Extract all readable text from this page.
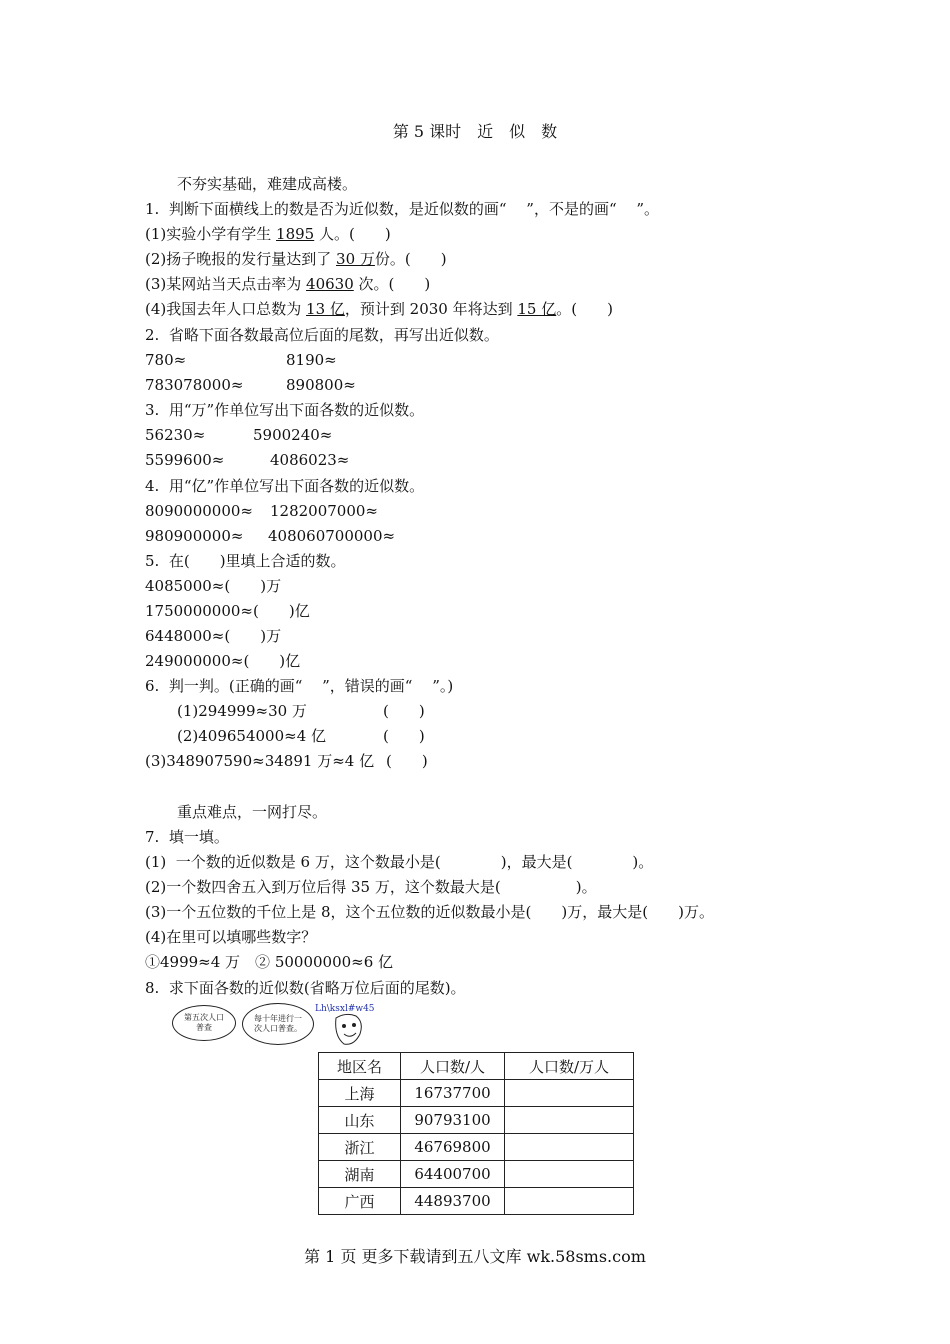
第 5 课时　近　似　数
不夯实基础，难建成高楼。
1.  判断下面横线上的数是否为近似数，是近似数的画“　 ”，不是的画“　 ”。
(1)实验小学有学生 1895 人。(　　)
(2)扬子晚报的发行量达到了 30 万份。(　　)
(3)某网站当天点击率为 40630 次。(　　)
(4)我国去年人口总数为 13 亿，预计到 2030 年将达到 15 亿。(　　)
2.  省略下面各数最高位后面的尾数，再写出近似数。
780≈	8190≈
783078000≈	890800≈
3.  用“万”作单位写出下面各数的近似数。
56230≈	5900240≈
5599600≈	4086023≈
4.  用“亿”作单位写出下面各数的近似数。
8090000000≈ 1282007000≈
980900000≈ 408060700000≈
5.  在(　　)里填上合适的数。
4085000≈(　　)万
1750000000≈(　　)亿
6448000≈(　　)万
249000000≈(　　)亿
6.  判一判。(正确的画“　 ”，错误的画“　 ”。)
(1)294999≈30 万	(　　)
(2)409654000≈4 亿	(　　)
(3)348907590≈34891 万≈4 亿 (　　)
重点难点，一网打尽。
7.  填一填。
(1)  一个数的近似数是 6 万，这个数最小是(　　　　)，最大是(　　　　)。
(2)一个数四舍五入到万位后得 35 万，这个数最大是(　　　　　)。
(3)一个五位数的千位上是 8，这个五位数的近似数最小是(　　)万，最大是(　　)万。
(4)在里可以填哪些数字？
①4999≈4 万　② 50000000≈6 亿
8.  求下面各数的近似数(省略万位后面的尾数)。
第五次人口普查
每十年进行一次人口普查。
Lh\ksxl#w45
地区名	人口数/人	人口数/万人
上海	16737700	
山东	90793100	
浙江	46769800	
湖南	64400700	
广西	44893700	
第 1 页 更多下载请到五八文库 wk.58sms.com
